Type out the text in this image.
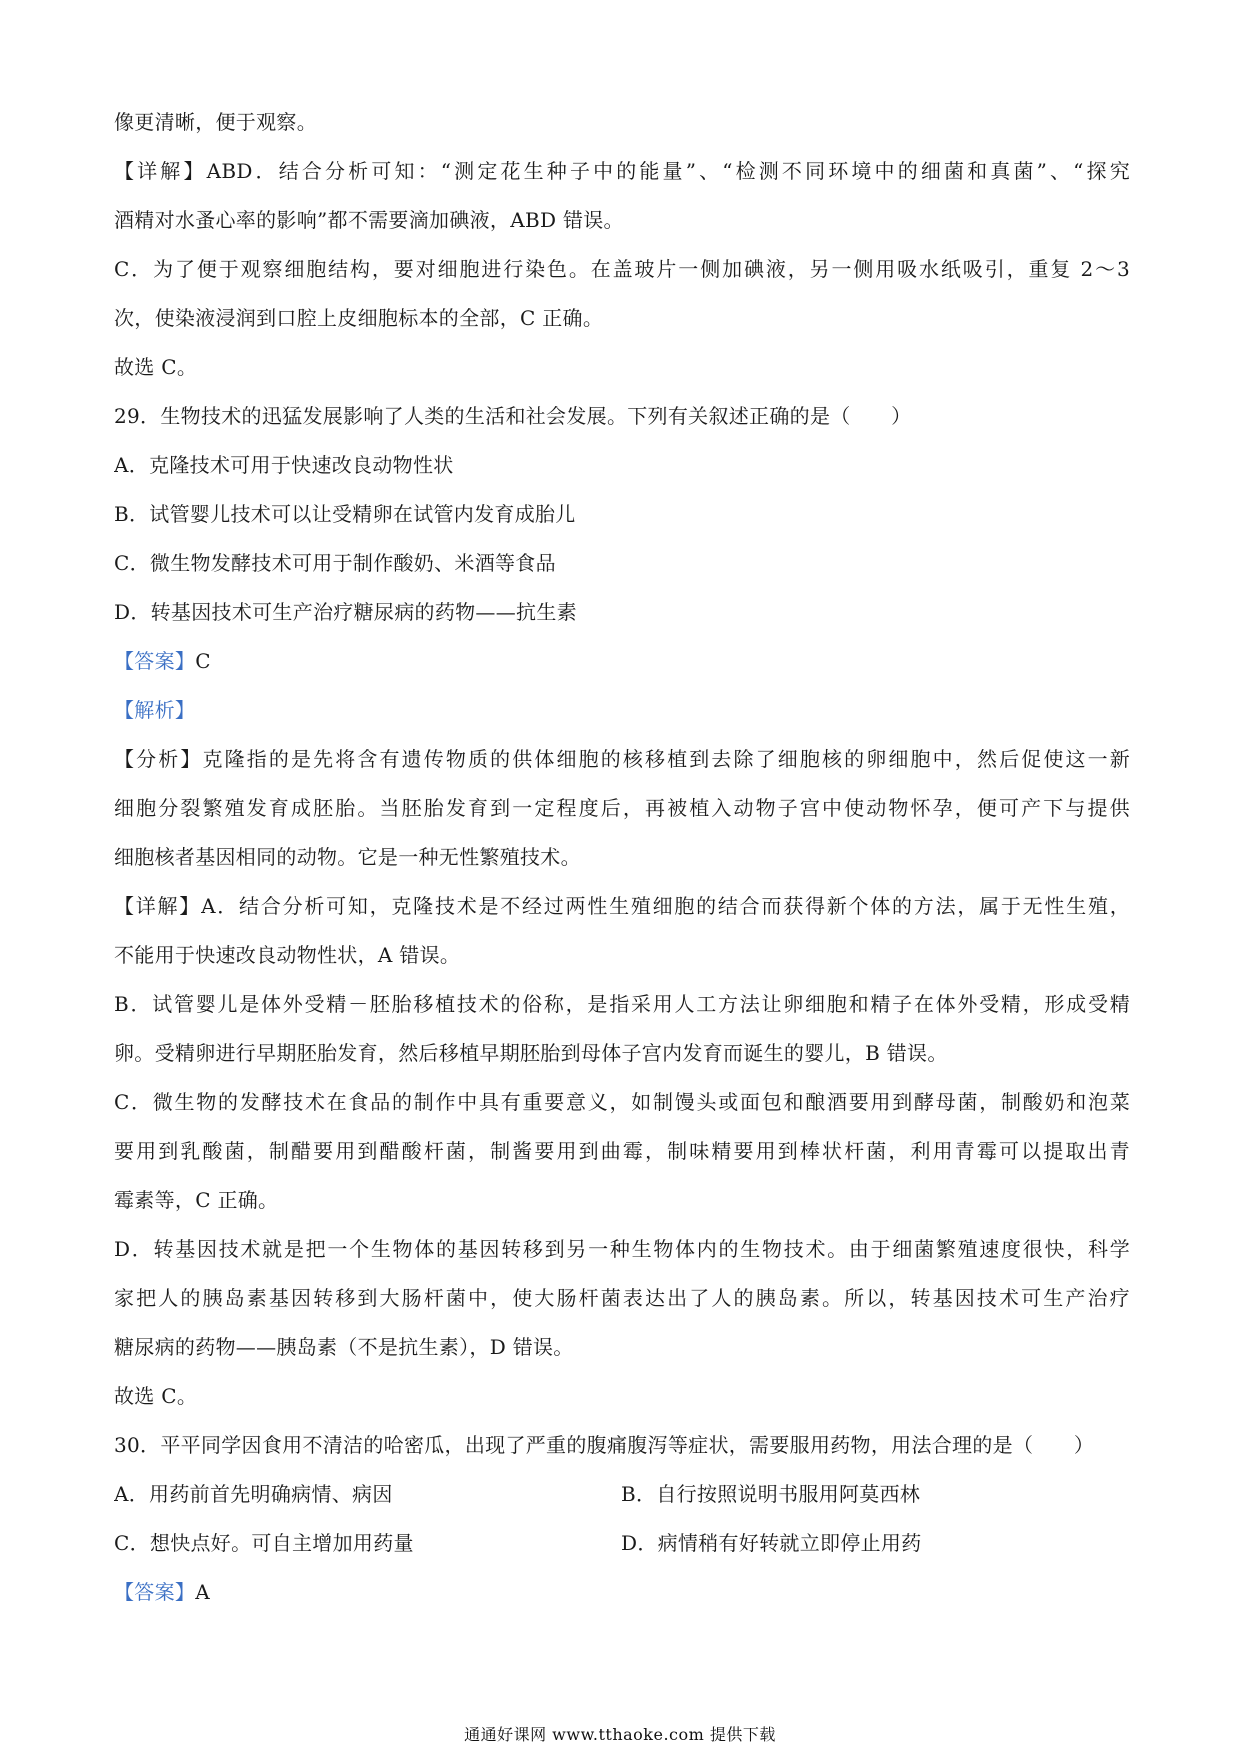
像更清晰，便于观察。
【详解】ABD．结合分析可知：“测定花生种子中的能量”、“检测不同环境中的细菌和真菌”、“探究
酒精对水蚤心率的影响”都不需要滴加碘液，ABD 错误。
C．为了便于观察细胞结构，要对细胞进行染色。在盖玻片一侧加碘液，另一侧用吸水纸吸引，重复 2～3
次，使染液浸润到口腔上皮细胞标本的全部，C 正确。
故选 C。
29．生物技术的迅猛发展影响了人类的生活和社会发展。下列有关叙述正确的是（　　）
A．克隆技术可用于快速改良动物性状
B．试管婴儿技术可以让受精卵在试管内发育成胎儿
C．微生物发酵技术可用于制作酸奶、米酒等食品
D．转基因技术可生产治疗糖尿病的药物——抗生素
【答案】C
【解析】
【分析】克隆指的是先将含有遗传物质的供体细胞的核移植到去除了细胞核的卵细胞中，然后促使这一新
细胞分裂繁殖发育成胚胎。当胚胎发育到一定程度后，再被植入动物子宫中使动物怀孕，便可产下与提供
细胞核者基因相同的动物。它是一种无性繁殖技术。
【详解】A．结合分析可知，克隆技术是不经过两性生殖细胞的结合而获得新个体的方法，属于无性生殖，
不能用于快速改良动物性状，A 错误。
B．试管婴儿是体外受精－胚胎移植技术的俗称，是指采用人工方法让卵细胞和精子在体外受精，形成受精
卵。受精卵进行早期胚胎发育，然后移植早期胚胎到母体子宫内发育而诞生的婴儿，B 错误。
C．微生物的发酵技术在食品的制作中具有重要意义，如制馒头或面包和酿酒要用到酵母菌，制酸奶和泡菜
要用到乳酸菌，制醋要用到醋酸杆菌，制酱要用到曲霉，制味精要用到棒状杆菌，利用青霉可以提取出青
霉素等，C 正确。
D．转基因技术就是把一个生物体的基因转移到另一种生物体内的生物技术。由于细菌繁殖速度很快，科学
家把人的胰岛素基因转移到大肠杆菌中，使大肠杆菌表达出了人的胰岛素。所以，转基因技术可生产治疗
糖尿病的药物——胰岛素（不是抗生素），D 错误。
故选 C。
30．平平同学因食用不清洁的哈密瓜，出现了严重的腹痛腹泻等症状，需要服用药物，用法合理的是（　　）
A．用药前首先明确病情、病因	B．自行按照说明书服用阿莫西林
C．想快点好。可自主增加用药量	D．病情稍有好转就立即停止用药
【答案】A
通通好课网 www.tthaoke.com 提供下载
